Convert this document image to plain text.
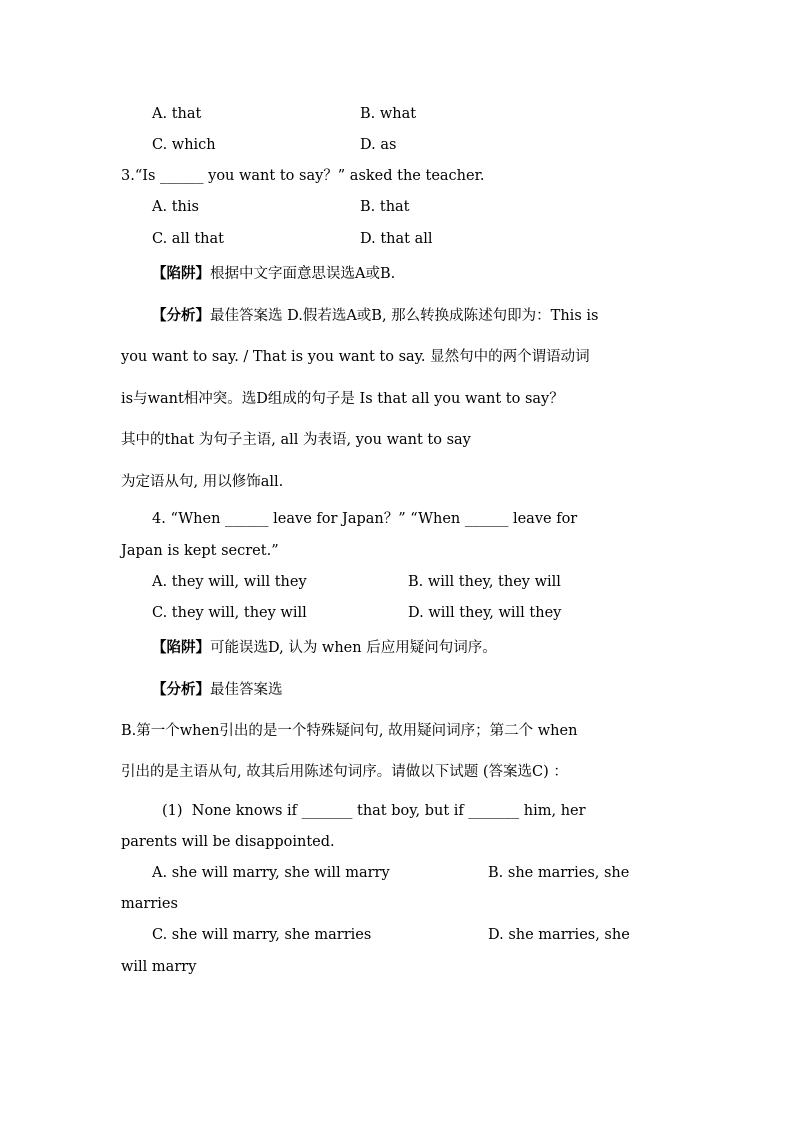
A. that	B. what
C. which	D. as
3.“Is ______ you want to say？” asked the teacher.
A. this	B. that
C. all that	D. that all
【陷阱】根据中文字面意思误选A或B.
【分析】最佳答案选 D.假若选A或B, 那么转换成陈述句即为：This is
you want to say. / That is you want to say. 显然句中的两个谓语动词
is与want相冲突。选D组成的句子是 Is that all you want to say？
其中的that 为句子主语, all 为表语, you want to say
为定语从句, 用以修饰all.
4. “When ______ leave for Japan？” “When ______ leave for
Japan is kept secret.”
A. they will, will they	B. will they, they will
C. they will, they will	D. will they, will they
【陷阱】可能误选D, 认为 when 后应用疑问句词序。
【分析】最佳答案选
B.第一个when引出的是一个特殊疑问句, 故用疑问词序；第二个 when
引出的是主语从句, 故其后用陈述句词序。请做以下试题 (答案选C) ：
(1)  None knows if _______ that boy, but if _______ him, her
parents will be disappointed.
A. she will marry, she will marry	B. she marries, she
marries
C. she will marry, she marries	D. she marries, she
will marry
